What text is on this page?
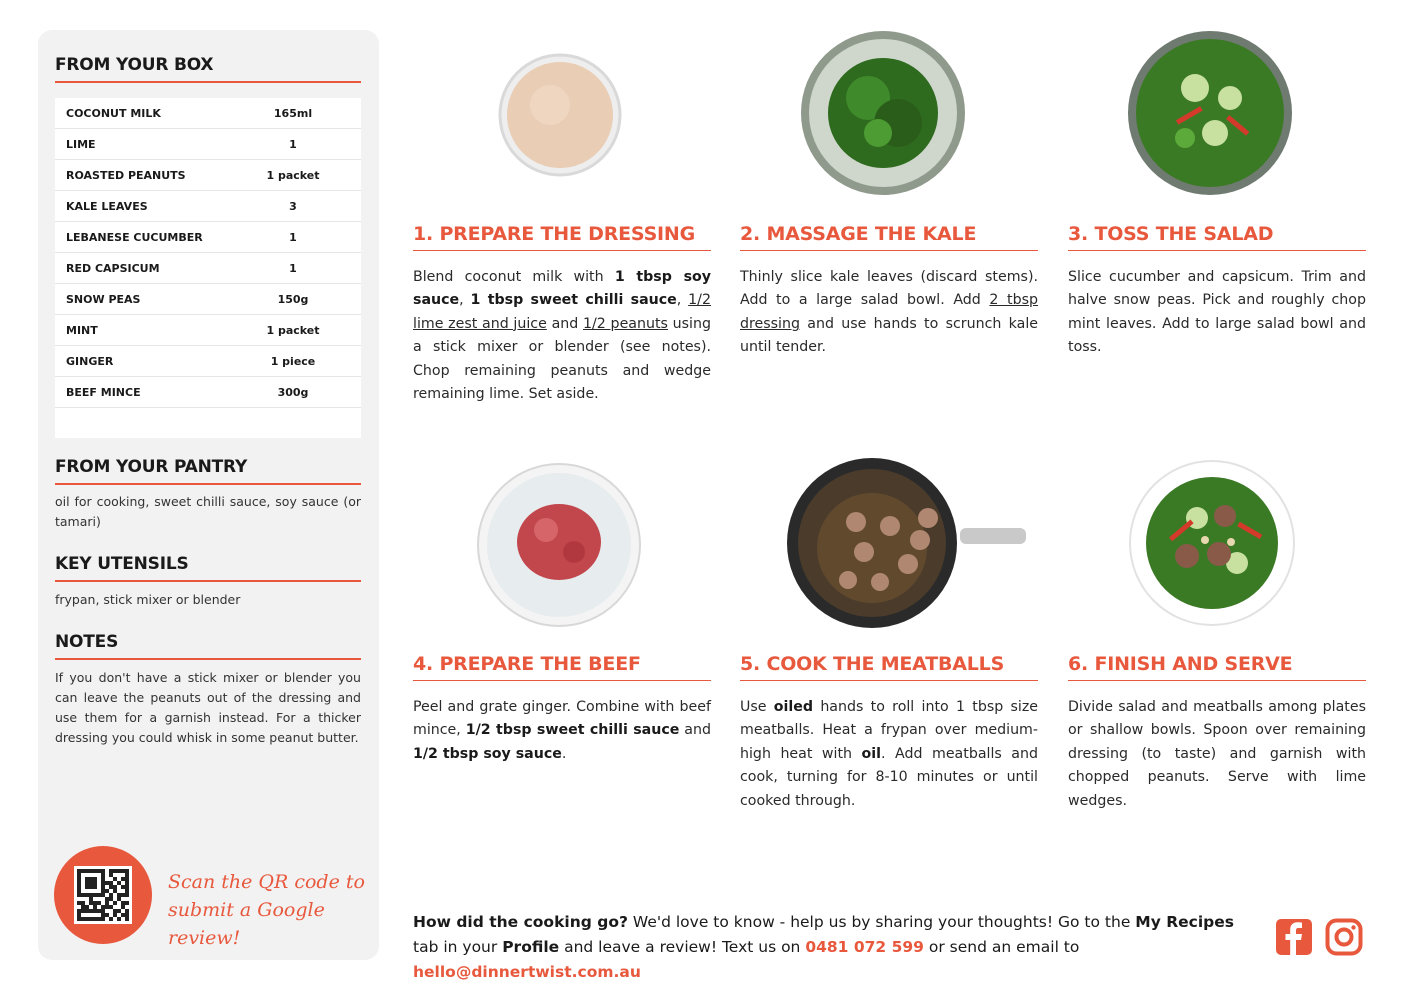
FROM YOUR BOX
COCONUT MILK	165ml
LIME	1
ROASTED PEANUTS	1 packet
KALE LEAVES	3
LEBANESE CUCUMBER	1
RED CAPSICUM	1
SNOW PEAS	150g
MINT	1 packet
GINGER	1 piece
BEEF MINCE	300g
FROM YOUR PANTRY
oil for cooking, sweet chilli sauce, soy sauce (or tamari)
KEY UTENSILS
frypan, stick mixer or blender
NOTES
If you don't have a stick mixer or blender you can leave the peanuts out of the dressing and use them for a garnish instead. For a thicker dressing you could whisk in some peanut butter.
Scan the QR code to
submit a Google review!
1. PREPARE THE DRESSING	2. MASSAGE THE KALE	3. TOSS THE SALAD
4. PREPARE THE BEEF	5. COOK THE MEATBALLS	6. FINISH AND SERVE
Blend coconut milk with 1 tbsp soy sauce, 1 tbsp sweet chilli sauce, 1/2 lime zest and juice and 1/2 peanuts using a stick mixer or blender (see notes). Chop remaining peanuts and wedge remaining lime. Set aside.
Thinly slice kale leaves (discard stems). Add to a large salad bowl. Add 2 tbsp dressing and use hands to scrunch kale until tender.
Slice cucumber and capsicum. Trim and halve snow peas. Pick and roughly chop mint leaves. Add to large salad bowl and toss.
Peel and grate ginger. Combine with beef mince, 1/2 tbsp sweet chilli sauce and 1/2 tbsp soy sauce.
Use oiled hands to roll into 1 tbsp size meatballs. Heat a frypan over medium-high heat with oil. Add meatballs and cook, turning for 8-10 minutes or until cooked through.
Divide salad and meatballs among plates or shallow bowls. Spoon over remaining dressing (to taste) and garnish with chopped peanuts. Serve with lime wedges.
How did the cooking go? We'd love to know - help us by sharing your thoughts! Go to the My Recipes tab in your Profile and leave a review! Text us on 0481 072 599 or send an email to hello@dinnertwist.com.au
